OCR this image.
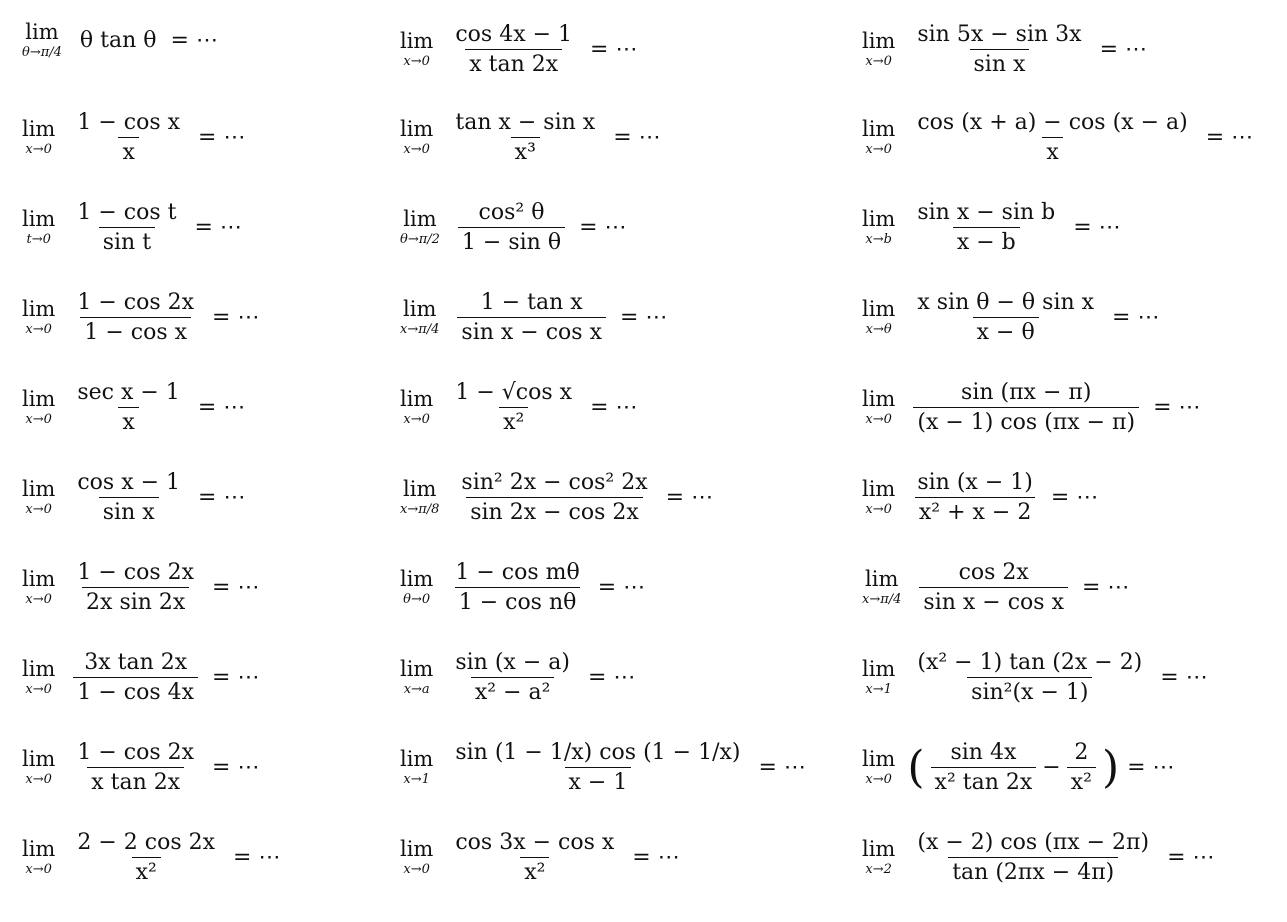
lim
θ→π/4 θ tan θ = ⋯
lim
$x\to 0 \frac{\text{1 − cos x}}{x}$ = ⋯
lim
$t\to 0 \frac{\text{1 − cos t}}{\text{sin t}}$ = ⋯
lim
$x\to 0 \frac{1 - \cos 2x}{\text{1 − cos x}}$ = ⋯
lim
$x\to 0 \frac{\text{sec x − 1}}{x}$ = ⋯
lim
$x\to 0 \frac{\text{cos x − 1}}{\text{sin x}}$ = ⋯
lim
$x\to 0 \frac{1 - \cos 2x}{\text{2x sin 2x}}$ = ⋯
lim
$x\to 0 \frac{\text{3x tan 2x}}{1 - \cos 4x}$ = ⋯
lim
$x\to 0 \frac{1 - \cos 2x}{\text{x tan 2x}}$ = ⋯
lim
$x\to 0 \frac{2 - 2 \cos 2x}{\text{x²}}$ = ⋯
lim
$x\to 0 \frac{\cos 4x - 1}{\text{x tan 2x}}$ = ⋯
lim
$x\to 0 \frac{\text{tan x − sin x}}{\text{x³}}$ = ⋯
lim
$\theta\to\pi/2 \frac{\text{cos² θ}}{\text{1 − sin θ}}$ = ⋯
lim
$x\to\pi/4 \frac{\text{1 − tan x}}{\text{sin x − cos x}}$ = ⋯
lim
$x\to 0 \frac{\text{1 − √cos x}}{\text{x²}}$ = ⋯
lim
$x\to\pi/8 \frac{\text{sin² 2x − cos² 2x}}{\sin 2x - \cos 2x}$ = ⋯
lim
$\theta\to 0 \frac{\text{1 − cos mθ}}{\text{1 − cos nθ}}$ = ⋯
lim
$x\to a \frac{\sin (x - a)}{\text{x² − a²}}$ = ⋯
lim
$x\to 1 \frac{\sin (1 - 1/x) \cos (1 - 1/x)}{x - 1}$ = ⋯
lim
$x\to 0 \frac{\text{cos 3x − cos x}}{\text{x²}}$ = ⋯
lim
$x\to 0 \frac{\sin 5x - \sin 3x}{\text{sin x}}$ = ⋯
lim
$x\to 0 \frac{\cos (x + a) - \cos (x - a)}{x}$ = ⋯
lim
$x\to b \frac{\text{sin x − sin b}}{x - b}$ = ⋯
lim
$x\to\theta \frac{\text{x sin θ − θ sin x}}{x - \theta}$ = ⋯
lim
$x\to 0 \frac{\sin (\pi x - \pi)}{(x - 1) \cos (\pi x - \pi)}$ = ⋯
lim
$x\to 0 \frac{\sin (x - 1)}{\text{x² + x − 2}}$ = ⋯
lim
$x\to\pi/4 \frac{\cos 2x}{\text{sin x − cos x}}$ = ⋯
lim
$x\to 1 \frac{\text{(x² − 1) tan (2x − 2)}}{\text{sin²(x − 1)}}$ = ⋯
lim
x→0 ( $\frac{\sin 4x}{\text{x² tan 2x}} - \frac{2}{\text{x²}}$ ) = ⋯
lim
$x\to 2 \frac{(x - 2) \cos (\pi x - 2\pi)}{\tan (2\pi x - 4\pi)}$ = ⋯
